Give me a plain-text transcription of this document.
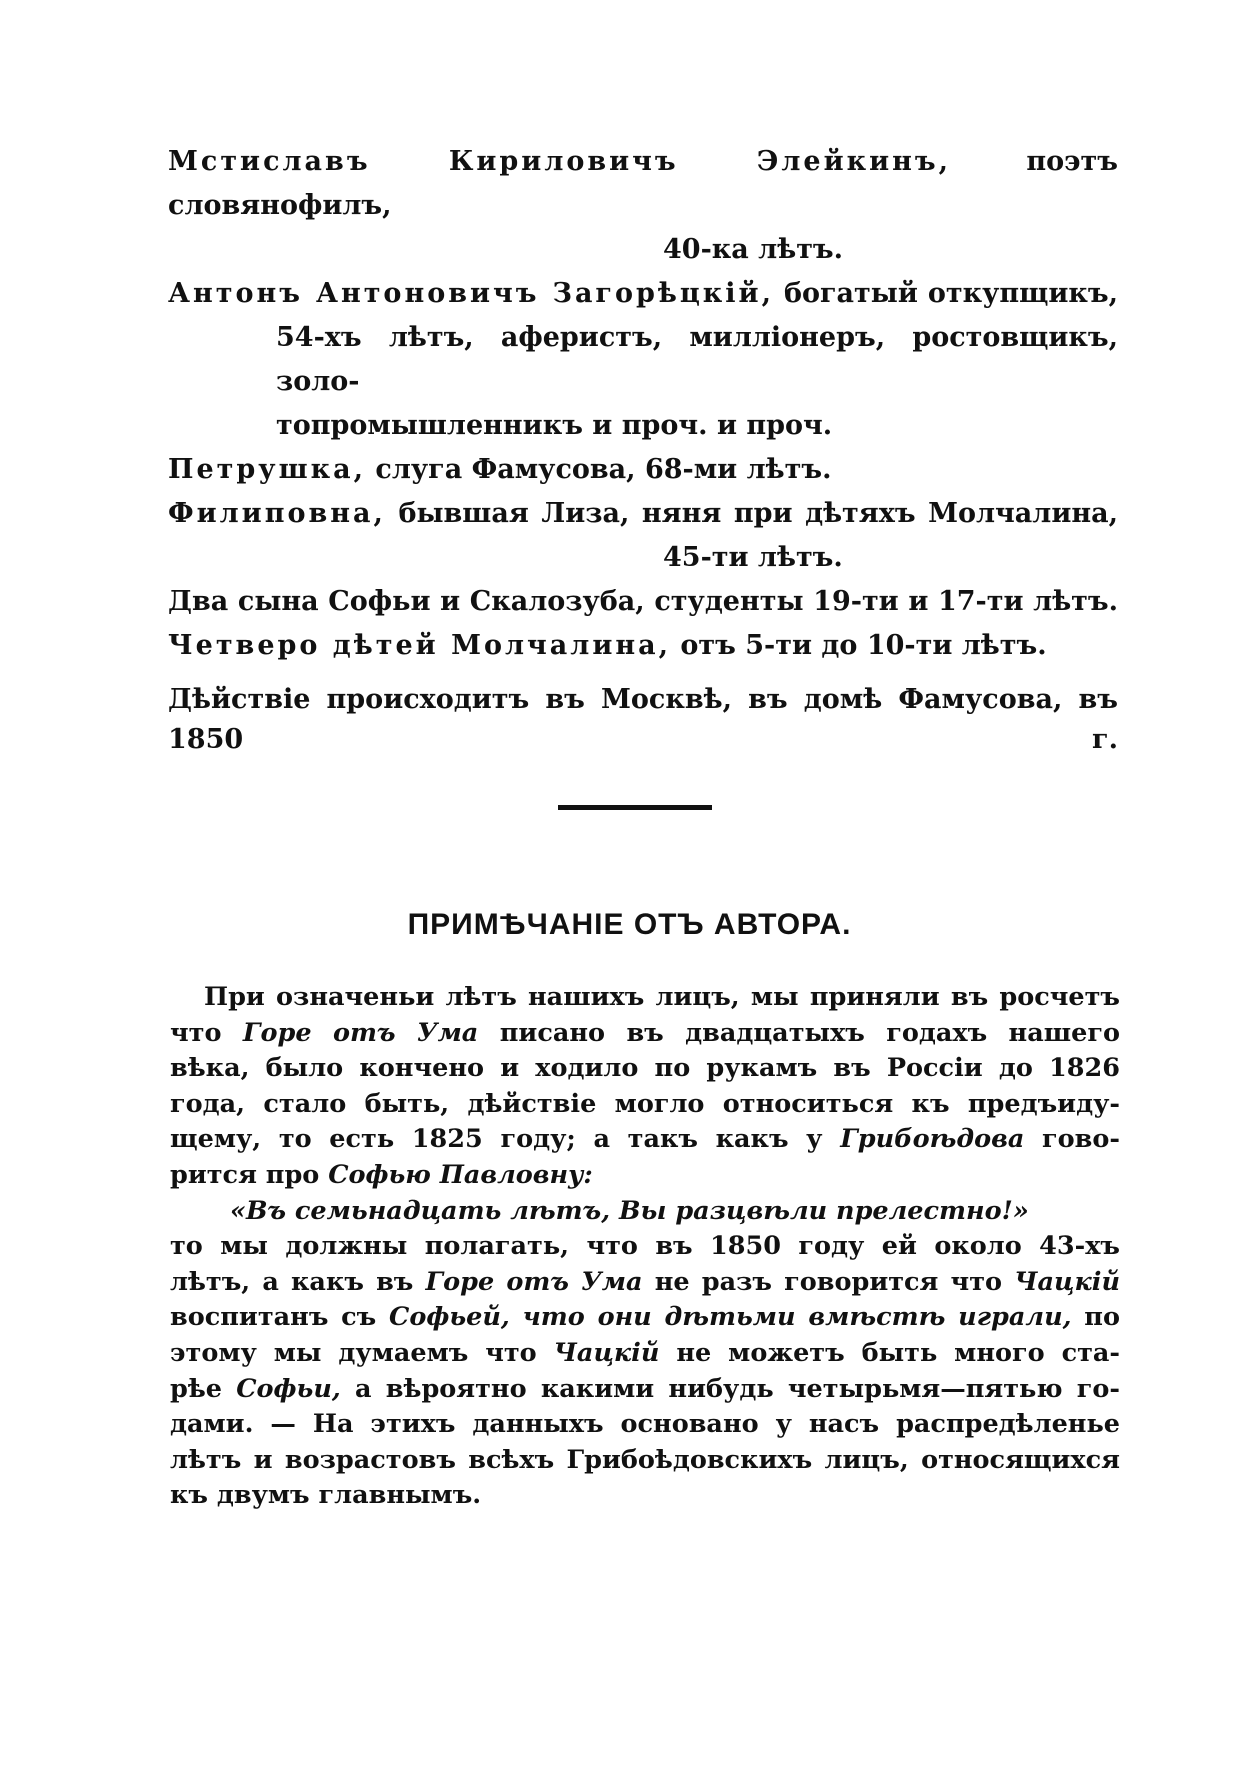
Мстиславъ Кириловичъ Элейкинъ,	поэтъ словянофилъ,
40-ка лѣтъ.
Антонъ Антоновичъ Загорѣцкій, богатый откупщикъ,
54-хъ лѣтъ, аферистъ, милліонеръ, ростовщикъ, золо-
топромышленникъ и проч. и проч.
Петрушка, слуга Фамусова, 68-ми лѣтъ.
Филиповна, бывшая Лиза, няня при дѣтяхъ Молчалина,
45-ти лѣтъ.
Два сына Софьи и Скалозуба, студенты 19-ти и 17-ти лѣтъ.
Четверо дѣтей Молчалина, отъ 5-ти до 10-ти лѣтъ.
Дѣйствіе происходитъ въ Москвѣ, въ домѣ Фамусова, въ 1850 г.
ПРИМѢЧАНІЕ ОТЪ АВТОРА.
При означеньи лѣтъ нашихъ лицъ, мы приняли въ росчетъ
что Горе отъ Ума писано въ двадцатыхъ годахъ нашего
вѣка, было кончено и ходило по рукамъ въ Россіи до 1826
года, стало быть, дѣйствіе могло относиться къ предъиду-
щему, то есть 1825 году; а такъ какъ у Грибоѣдова гово-
рится про Софью Павловну:
«Въ семьнадцать лѣтъ, Вы разцвѣли прелестно!»
то мы должны полагать, что въ 1850 году ей около 43-хъ
лѣтъ, а какъ въ Горе отъ Ума не разъ говорится что Чацкій
воспитанъ съ Софьей, что они дѣтьми вмѣстѣ играли, по
этому мы думаемъ что Чацкій не можетъ быть много ста-
рѣе Софьи, а вѣроятно какими нибудь четырьмя—пятью го-
дами. — На этихъ данныхъ основано у насъ распредѣленье
лѣтъ и возрастовъ всѣхъ Грибоѣдовскихъ лицъ, относящихся
къ двумъ главнымъ.
